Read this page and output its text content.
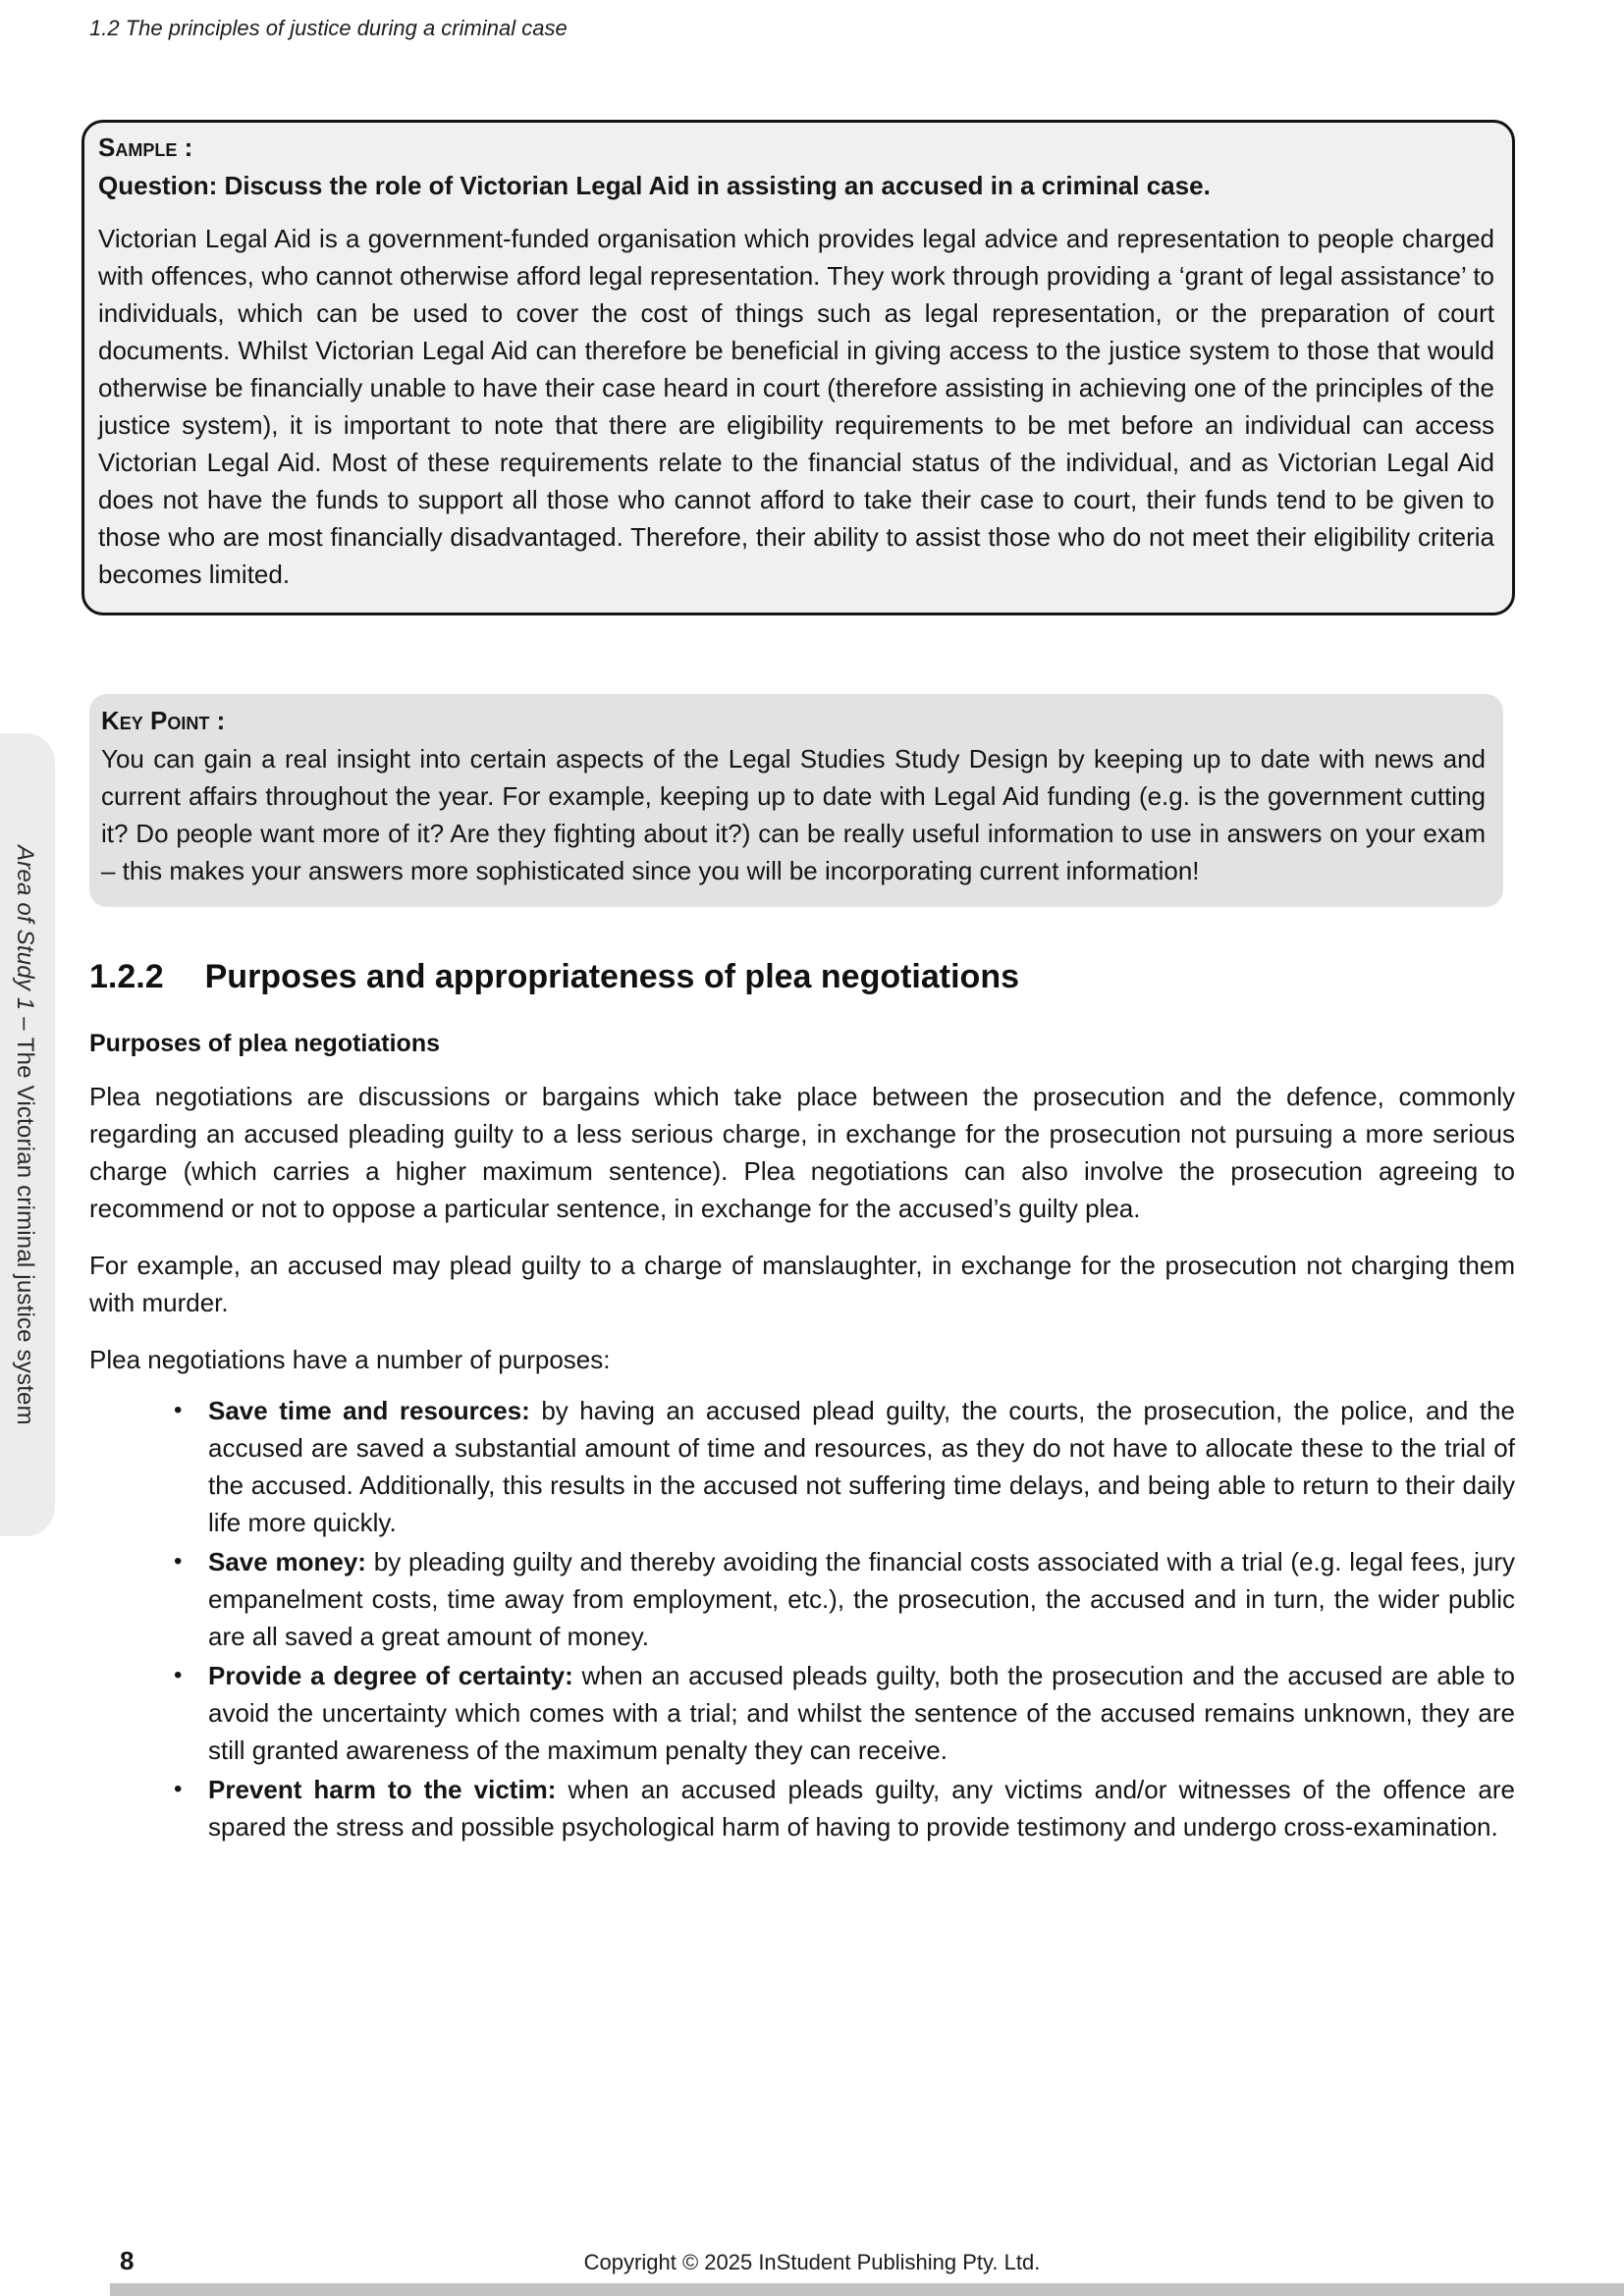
1.2 The principles of justice during a criminal case
Area of Study 1 – The Victorian criminal justice system
Sample :
Question: Discuss the role of Victorian Legal Aid in assisting an accused in a criminal case.

Victorian Legal Aid is a government-funded organisation which provides legal advice and representation to people charged with offences, who cannot otherwise afford legal representation. They work through providing a ‘grant of legal assistance’ to individuals, which can be used to cover the cost of things such as legal representation, or the preparation of court documents. Whilst Victorian Legal Aid can therefore be beneficial in giving access to the justice system to those that would otherwise be financially unable to have their case heard in court (therefore assisting in achieving one of the principles of the justice system), it is important to note that there are eligibility requirements to be met before an individual can access Victorian Legal Aid. Most of these requirements relate to the financial status of the individual, and as Victorian Legal Aid does not have the funds to support all those who cannot afford to take their case to court, their funds tend to be given to those who are most financially disadvantaged. Therefore, their ability to assist those who do not meet their eligibility criteria becomes limited.

Key Point :

You can gain a real insight into certain aspects of the Legal Studies Study Design by keeping up to date with news and current affairs throughout the year. For example, keeping up to date with Legal Aid funding (e.g. is the government cutting it? Do people want more of it? Are they fighting about it?) can be really useful information to use in answers on your exam – this makes your answers more sophisticated since you will be incorporating current information!

1.2.2 Purposes and appropriateness of plea negotiations
Purposes of plea negotiations

Plea negotiations are discussions or bargains which take place between the prosecution and the defence, commonly regarding an accused pleading guilty to a less serious charge, in exchange for the prosecution not pursuing a more serious charge (which carries a higher maximum sentence). Plea negotiations can also involve the prosecution agreeing to recommend or not to oppose a particular sentence, in exchange for the accused’s guilty plea.

For example, an accused may plead guilty to a charge of manslaughter, in exchange for the prosecution not charging them with murder.

Plea negotiations have a number of purposes:

• Save time and resources: by having an accused plead guilty, the courts, the prosecution, the police, and the accused are saved a substantial amount of time and resources, as they do not have to allocate these to the trial of the accused. Additionally, this results in the accused not suffering time delays, and being able to return to their daily life more quickly.
• Save money: by pleading guilty and thereby avoiding the financial costs associated with a trial (e.g. legal fees, jury empanelment costs, time away from employment, etc.), the prosecution, the accused and in turn, the wider public are all saved a great amount of money.
• Provide a degree of certainty: when an accused pleads guilty, both the prosecution and the accused are able to avoid the uncertainty which comes with a trial; and whilst the sentence of the accused remains unknown, they are still granted awareness of the maximum penalty they can receive.
• Prevent harm to the victim: when an accused pleads guilty, any victims and/or witnesses of the offence are spared the stress and possible psychological harm of having to provide testimony and undergo cross-examination.
8	Copyright © 2025 InStudent Publishing Pty. Ltd.
